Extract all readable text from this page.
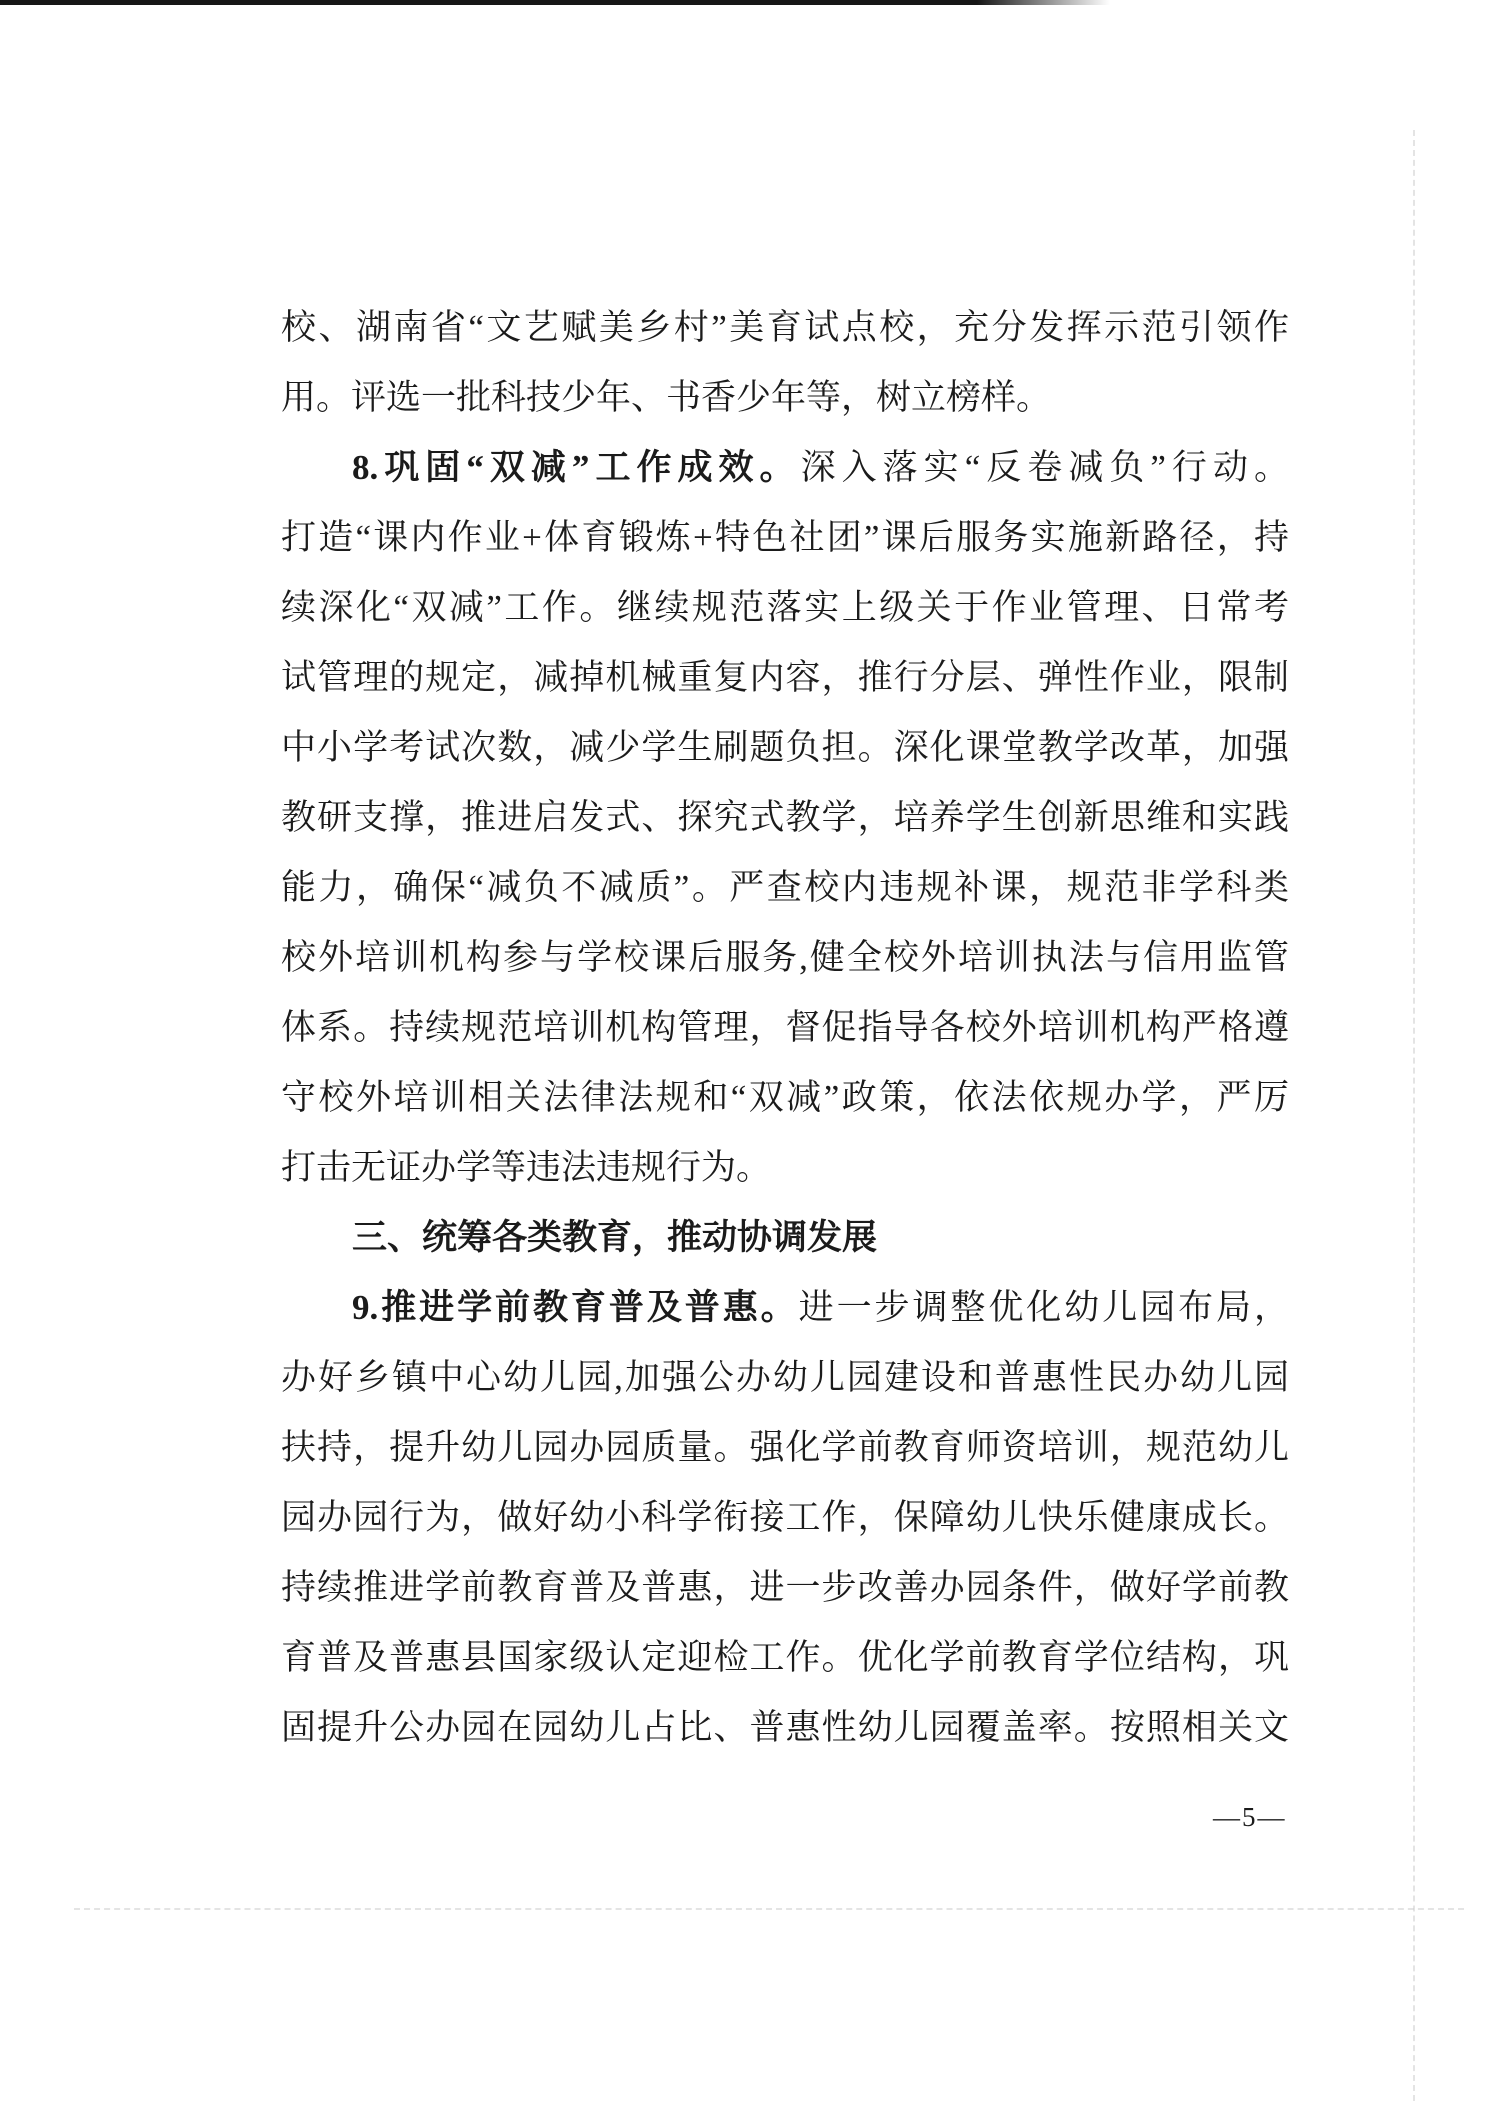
校、湖南省“文艺赋美乡村”美育试点校，充分发挥示范引领作
用。评选一批科技少年、书香少年等，树立榜样。
8.巩固“双减”工作成效。深入落实“反卷减负”行动。
打造“课内作业+体育锻炼+特色社团”课后服务实施新路径，持
续深化“双减”工作。继续规范落实上级关于作业管理、日常考
试管理的规定，减掉机械重复内容，推行分层、弹性作业，限制
中小学考试次数，减少学生刷题负担。深化课堂教学改革，加强
教研支撑，推进启发式、探究式教学，培养学生创新思维和实践
能力，确保“减负不减质”。严查校内违规补课，规范非学科类
校外培训机构参与学校课后服务,健全校外培训执法与信用监管
体系。持续规范培训机构管理，督促指导各校外培训机构严格遵
守校外培训相关法律法规和“双减”政策，依法依规办学，严厉
打击无证办学等违法违规行为。
三、统筹各类教育，推动协调发展
9.推进学前教育普及普惠。进一步调整优化幼儿园布局，
办好乡镇中心幼儿园,加强公办幼儿园建设和普惠性民办幼儿园
扶持，提升幼儿园办园质量。强化学前教育师资培训，规范幼儿
园办园行为，做好幼小科学衔接工作，保障幼儿快乐健康成长。
持续推进学前教育普及普惠，进一步改善办园条件，做好学前教
育普及普惠县国家级认定迎检工作。优化学前教育学位结构，巩
固提升公办园在园幼儿占比、普惠性幼儿园覆盖率。按照相关文
—5—
